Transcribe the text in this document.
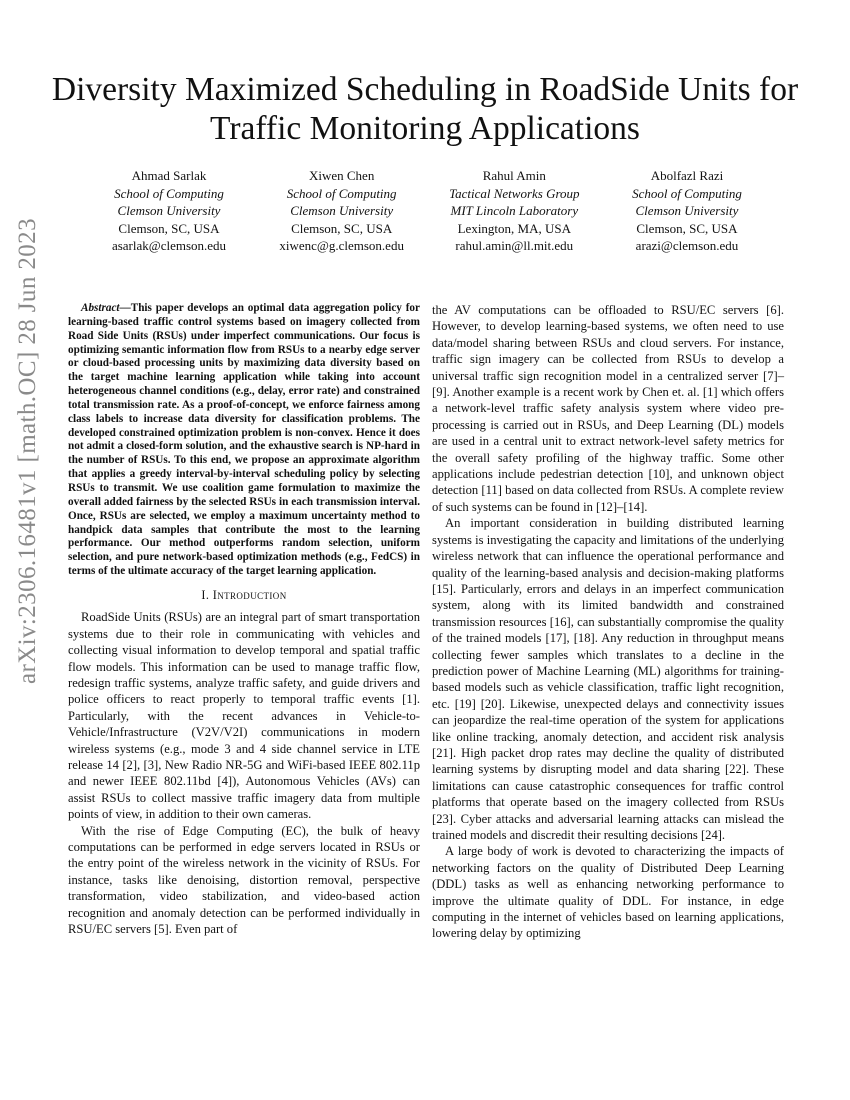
arXiv:2306.16481v1 [math.OC] 28 Jun 2023
Diversity Maximized Scheduling in RoadSide Units for Traffic Monitoring Applications
Ahmad Sarlak
School of Computing
Clemson University
Clemson, SC, USA
asarlak@clemson.edu
Xiwen Chen
School of Computing
Clemson University
Clemson, SC, USA
xiwenc@g.clemson.edu
Rahul Amin
Tactical Networks Group
MIT Lincoln Laboratory
Lexington, MA, USA
rahul.amin@ll.mit.edu
Abolfazl Razi
School of Computing
Clemson University
Clemson, SC, USA
arazi@clemson.edu

Abstract—This paper develops an optimal data aggregation policy for learning-based traffic control systems based on imagery collected from Road Side Units (RSUs) under imperfect communications. Our focus is optimizing semantic information flow from RSUs to a nearby edge server or cloud-based processing units by maximizing data diversity based on the target machine learning application while taking into account heterogeneous channel conditions (e.g., delay, error rate) and constrained total transmission rate. As a proof-of-concept, we enforce fairness among class labels to increase data diversity for classification problems. The developed constrained optimization problem is non-convex. Hence it does not admit a closed-form solution, and the exhaustive search is NP-hard in the number of RSUs. To this end, we propose an approximate algorithm that applies a greedy interval-by-interval scheduling policy by selecting RSUs to transmit. We use coalition game formulation to maximize the overall added fairness by the selected RSUs in each transmission interval. Once, RSUs are selected, we employ a maximum uncertainty method to handpick data samples that contribute the most to the learning performance. Our method outperforms random selection, uniform selection, and pure network-based optimization methods (e.g., FedCS) in terms of the ultimate accuracy of the target learning application.

I. Introduction

RoadSide Units (RSUs) are an integral part of smart transportation systems due to their role in communicating with vehicles and collecting visual information to develop temporal and spatial traffic flow models. This information can be used to manage traffic flow, redesign traffic systems, analyze traffic safety, and guide drivers and police officers to react properly to temporal traffic events [1]. Particularly, with the recent advances in Vehicle-to-Vehicle/Infrastructure (V2V/V2I) communications in modern wireless systems (e.g., mode 3 and 4 side channel service in LTE release 14 [2], [3], New Radio NR-5G and WiFi-based IEEE 802.11p and newer IEEE 802.11bd [4]), Autonomous Vehicles (AVs) can assist RSUs to collect massive traffic imagery data from multiple points of view, in addition to their own cameras.

With the rise of Edge Computing (EC), the bulk of heavy computations can be performed in edge servers located in RSUs or the entry point of the wireless network in the vicinity of RSUs. For instance, tasks like denoising, distortion removal, perspective transformation, video stabilization, and video-based action recognition and anomaly detection can be performed individually in RSU/EC servers [5]. Even part of

the AV computations can be offloaded to RSU/EC servers [6]. However, to develop learning-based systems, we often need to use data/model sharing between RSUs and cloud servers. For instance, traffic sign imagery can be collected from RSUs to develop a universal traffic sign recognition model in a centralized server [7]–[9]. Another example is a recent work by Chen et. al. [1] which offers a network-level traffic safety analysis system where video pre-processing is carried out in RSUs, and Deep Learning (DL) models are used in a central unit to extract network-level safety metrics for the overall safety profiling of the highway traffic. Some other applications include pedestrian detection [10], and unknown object detection [11] based on data collected from RSUs. A complete review of such systems can be found in [12]–[14].

An important consideration in building distributed learning systems is investigating the capacity and limitations of the underlying wireless network that can influence the operational performance and quality of the learning-based analysis and decision-making platforms [15]. Particularly, errors and delays in an imperfect communication system, along with its limited bandwidth and constrained transmission resources [16], can substantially compromise the quality of the trained models [17], [18]. Any reduction in throughput means collecting fewer samples which translates to a decline in the prediction power of Machine Learning (ML) algorithms for training-based models such as vehicle classification, traffic light recognition, etc. [19] [20]. Likewise, unexpected delays and connectivity issues can jeopardize the real-time operation of the system for applications like online tracking, anomaly detection, and accident risk analysis [21]. High packet drop rates may decline the quality of distributed learning systems by disrupting model and data sharing [22]. These limitations can cause catastrophic consequences for traffic control platforms that operate based on the imagery collected from RSUs [23]. Cyber attacks and adversarial learning attacks can mislead the trained models and discredit their resulting decisions [24].

A large body of work is devoted to characterizing the impacts of networking factors on the quality of Distributed Deep Learning (DDL) tasks as well as enhancing networking performance to improve the ultimate quality of DDL. For instance, in edge computing in the internet of vehicles based on learning applications, lowering delay by optimizing
